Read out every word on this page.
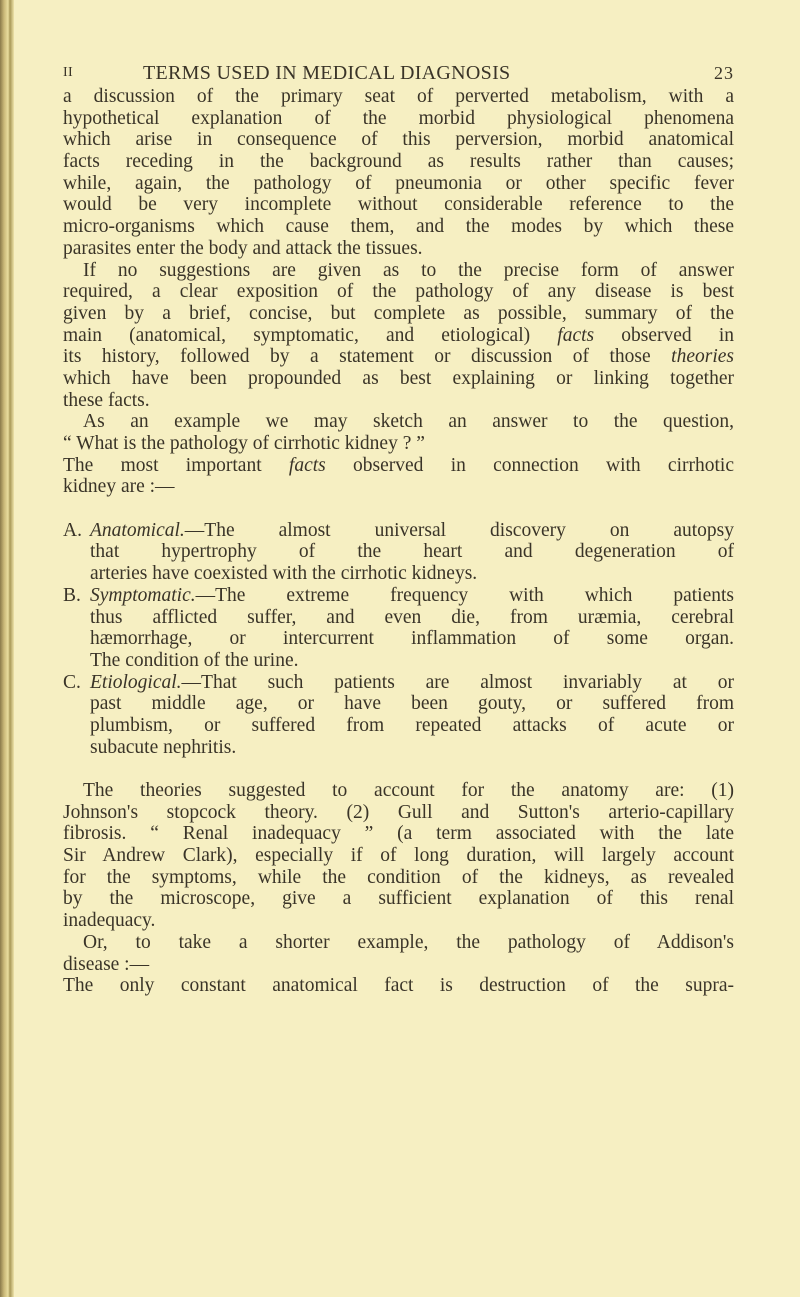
II	TERMS USED IN MEDICAL DIAGNOSIS	23
a discussion of the primary seat of perverted metabolism, with a
hypothetical explanation of the morbid physiological phenomena
which arise in consequence of this perversion, morbid anatomical
facts receding in the background as results rather than causes;
while, again, the pathology of pneumonia or other specific fever
would be very incomplete without considerable reference to the
micro-organisms which cause them, and the modes by which these
parasites enter the body and attack the tissues.
If no suggestions are given as to the precise form of answer
required, a clear exposition of the pathology of any disease is best
given by a brief, concise, but complete as possible, summary of the
main (anatomical, symptomatic, and etiological) facts observed in
its history, followed by a statement or discussion of those theories
which have been propounded as best explaining or linking together
these facts.
As an example we may sketch an answer to the question,
“ What is the pathology of cirrhotic kidney ? ”
The most important facts observed in connection with cirrhotic
kidney are :—
A. Anatomical.—The almost universal discovery on autopsy
that hypertrophy of the heart and degeneration of
arteries have coexisted with the cirrhotic kidneys.
B. Symptomatic.—The extreme frequency with which patients
thus afflicted suffer, and even die, from uræmia, cerebral
hæmorrhage, or intercurrent inflammation of some organ.
The condition of the urine.
C. Etiological.—That such patients are almost invariably at or
past middle age, or have been gouty, or suffered from
plumbism, or suffered from repeated attacks of acute or
subacute nephritis.
The theories suggested to account for the anatomy are: (1)
Johnson's stopcock theory. (2) Gull and Sutton's arterio-capillary
fibrosis. “ Renal inadequacy ” (a term associated with the late
Sir Andrew Clark), especially if of long duration, will largely account
for the symptoms, while the condition of the kidneys, as revealed
by the microscope, give a sufficient explanation of this renal
inadequacy.
Or, to take a shorter example, the pathology of Addison's
disease :—
The only constant anatomical fact is destruction of the supra-
